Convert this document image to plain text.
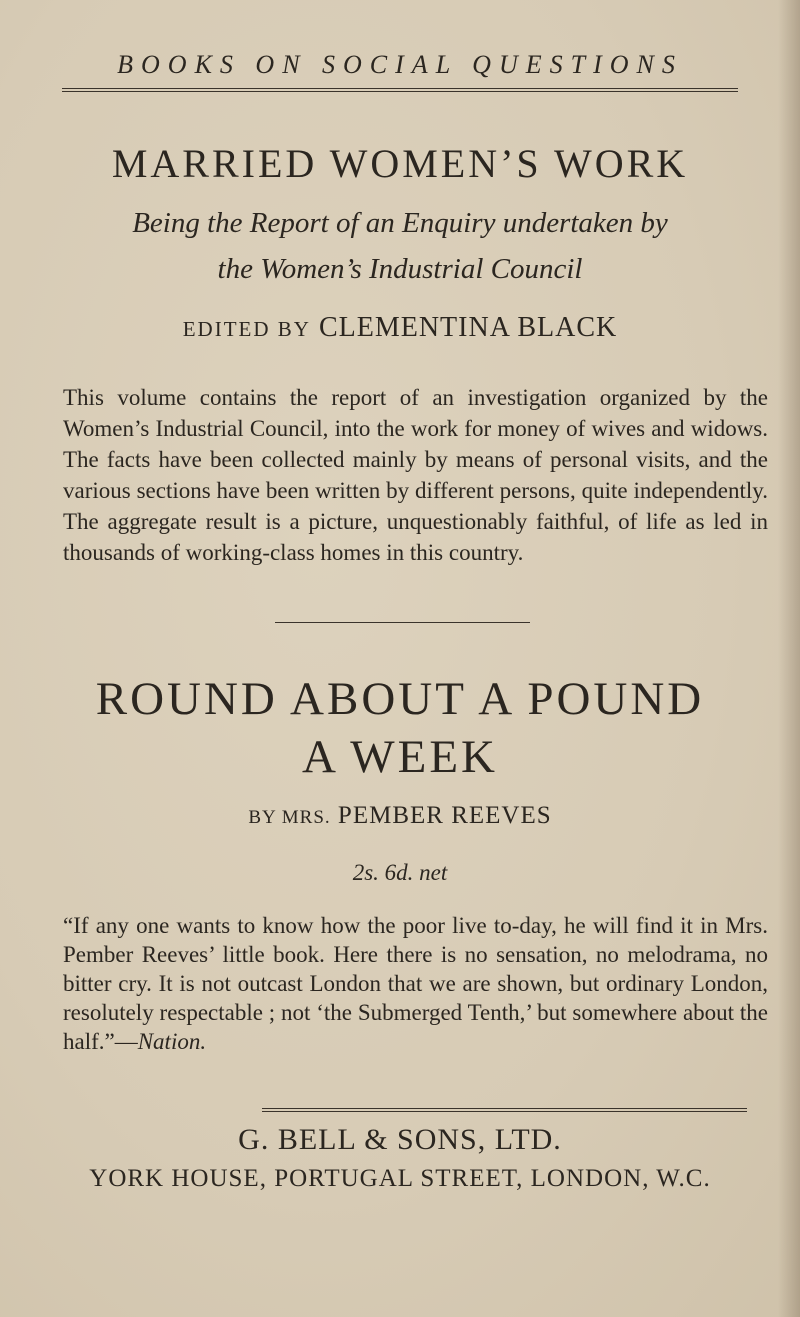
BOOKS ON SOCIAL QUESTIONS
MARRIED WOMEN’S WORK
Being the Report of an Enquiry undertaken by
the Women’s Industrial Council
EDITED BY CLEMENTINA BLACK
This volume contains the report of an investigation organized by the Women’s Industrial Council, into the work for money of wives and widows. The facts have been collected mainly by means of personal visits, and the various sections have been written by different persons, quite independently. The aggregate result is a picture, unquestionably faithful, of life as led in thousands of working-class homes in this country.
ROUND ABOUT A POUND
A WEEK
BY MRS. PEMBER REEVES
2s. 6d. net
“If any one wants to know how the poor live to-day, he will find it in Mrs. Pember Reeves’ little book. Here there is no sensation, no melodrama, no bitter cry. It is not outcast London that we are shown, but ordinary London, resolutely respectable ; not ‘the Submerged Tenth,’ but somewhere about the half.”—Nation.
G. BELL & SONS, LTD.
YORK HOUSE, PORTUGAL STREET, LONDON, W.C.
